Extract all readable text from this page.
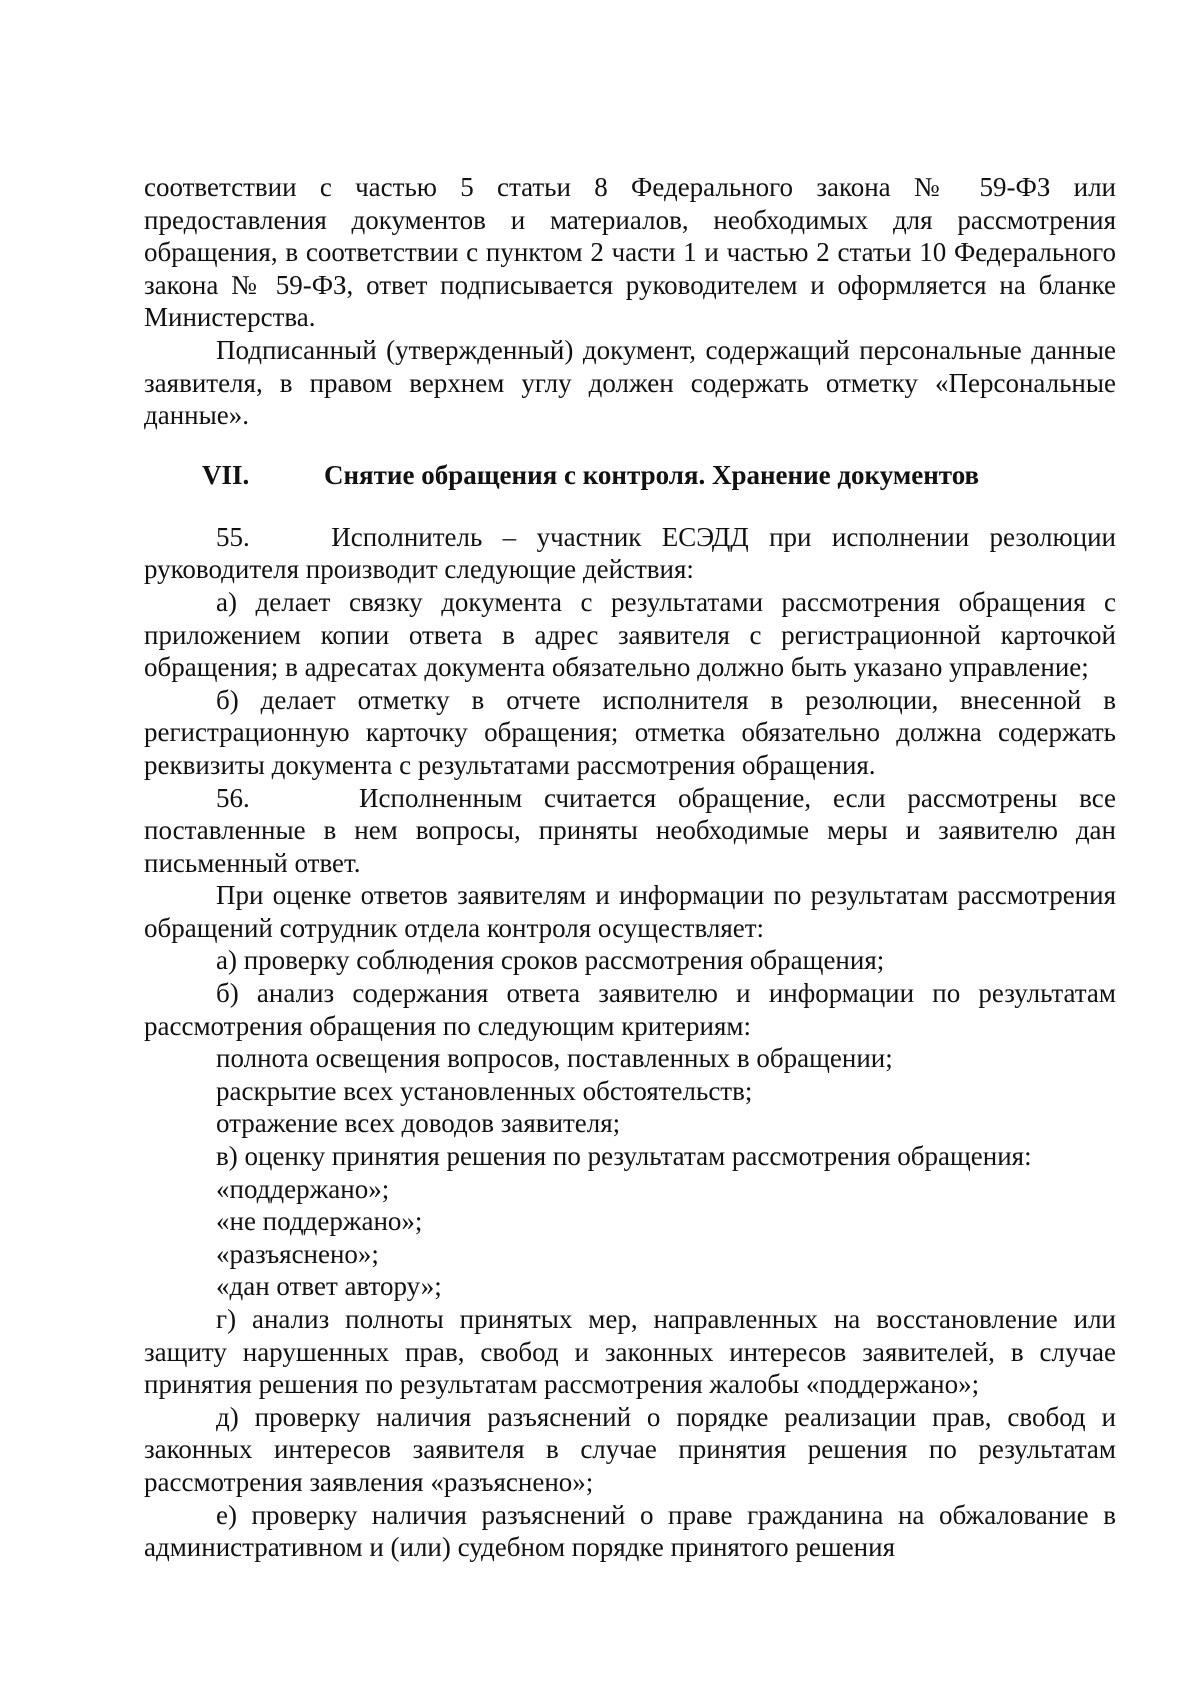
соответствии с частью 5 статьи 8 Федерального закона № 59-ФЗ или предоставления документов и материалов, необходимых для рассмотрения обращения, в соответствии с пунктом 2 части 1 и частью 2 статьи 10 Федерального закона № 59-ФЗ, ответ подписывается руководителем и оформляется на бланке Министерства.

Подписанный (утвержденный) документ, содержащий персональные данные заявителя, в правом верхнем углу должен содержать отметку «Персональные данные».

VII.	Снятие обращения с контроля. Хранение документов

55.	Исполнитель – участник ЕСЭДД при исполнении резолюции руководителя производит следующие действия:

а) делает связку документа с результатами рассмотрения обращения с приложением копии ответа в адрес заявителя с регистрационной карточкой обращения; в адресатах документа обязательно должно быть указано управление;

б) делает отметку в отчете исполнителя в резолюции, внесенной в регистрационную карточку обращения; отметка обязательно должна содержать реквизиты документа с результатами рассмотрения обращения.

56.	Исполненным считается обращение, если рассмотрены все поставленные в нем вопросы, приняты необходимые меры и заявителю дан письменный ответ.

При оценке ответов заявителям и информации по результатам рассмотрения обращений сотрудник отдела контроля осуществляет:

а) проверку соблюдения сроков рассмотрения обращения;

б) анализ содержания ответа заявителю и информации по результатам рассмотрения обращения по следующим критериям:

полнота освещения вопросов, поставленных в обращении;

раскрытие всех установленных обстоятельств;

отражение всех доводов заявителя;

в) оценку принятия решения по результатам рассмотрения обращения:

«поддержано»;

«не поддержано»;

«разъяснено»;

«дан ответ автору»;

г) анализ полноты принятых мер, направленных на восстановление или защиту нарушенных прав, свобод и законных интересов заявителей, в случае принятия решения по результатам рассмотрения жалобы «поддержано»;

д) проверку наличия разъяснений о порядке реализации прав, свобод и законных интересов заявителя в случае принятия решения по результатам рассмотрения заявления «разъяснено»;

е) проверку наличия разъяснений о праве гражданина на обжалование в административном и (или) судебном порядке принятого решения
